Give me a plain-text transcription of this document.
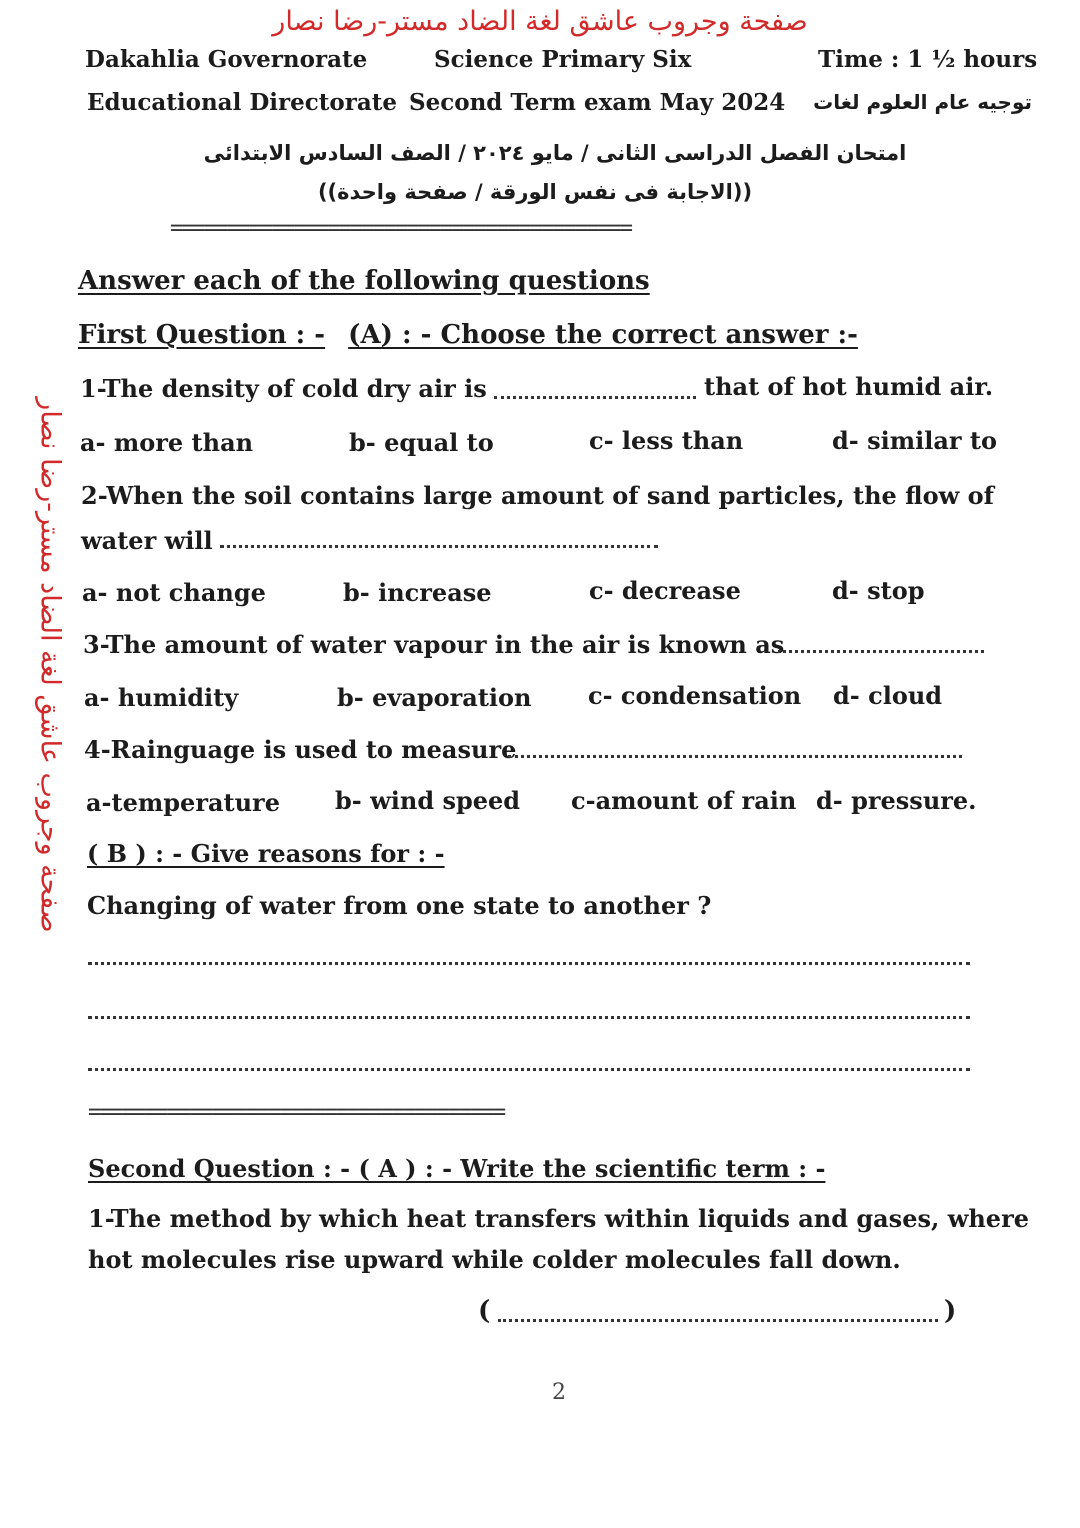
صفحة وجروب عاشق لغة الضاد مستر-رضا نصار
صفحة وجروب عاشق لغة الضاد مستر-رضا نصار
Dakahlia Governorate	Science Primary Six	Time : 1 ½ hours
Educational Directorate Second Term exam May 2024 توجيه عام العلوم لغات
امتحان الفصل الدراسى الثانى / مايو ٢٠٢٤ / الصف السادس الابتدائى
((الاجابة فى نفس الورقة / صفحة واحدة))
=========================================
Answer each of the following questions
First Question : - (A) : - Choose the correct answer :-
1-The density of cold dry air is	that of hot humid air.
a- more than	b- equal to	c- less than	d- similar to
2-When the soil contains large amount of sand particles, the flow of
water will
a- not change	b- increase	c- decrease	d- stop
3-The amount of water vapour in the air is known as
a- humidity	b- evaporation c- condensation d- cloud
4-Rainguage is used to measure
a-temperature b- wind speed c-amount of rain d- pressure.
( B ) : - Give reasons for : -
Changing of water from one state to another ?
=====================================
Second Question : - ( A ) : - Write the scientific term : -
1-The method by which heat transfers within liquids and gases, where
hot molecules rise upward while colder molecules fall down.
(	)
2
